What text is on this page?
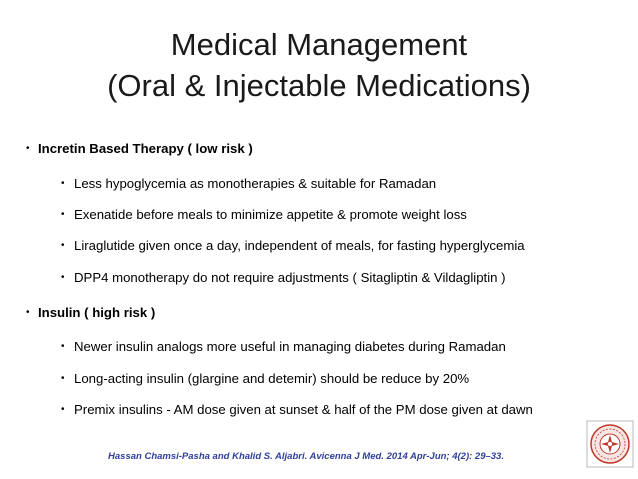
Medical Management
(Oral & Injectable Medications)
• Incretin Based Therapy ( low risk )
• Less hypoglycemia as monotherapies & suitable for Ramadan
• Exenatide before meals to minimize appetite & promote weight loss
• Liraglutide given once a day, independent of meals, for fasting hyperglycemia
• DPP4 monotherapy do not require adjustments ( Sitagliptin & Vildagliptin )
• Insulin ( high risk )
• Newer insulin analogs more useful in managing diabetes during Ramadan
• Long-acting insulin (glargine and detemir) should be reduce by 20%
• Premix insulins - AM dose given at sunset & half of the PM dose given at dawn
Hassan Chamsi-Pasha and Khalid S. Aljabri. Avicenna J Med. 2014 Apr-Jun; 4(2): 29–33.
